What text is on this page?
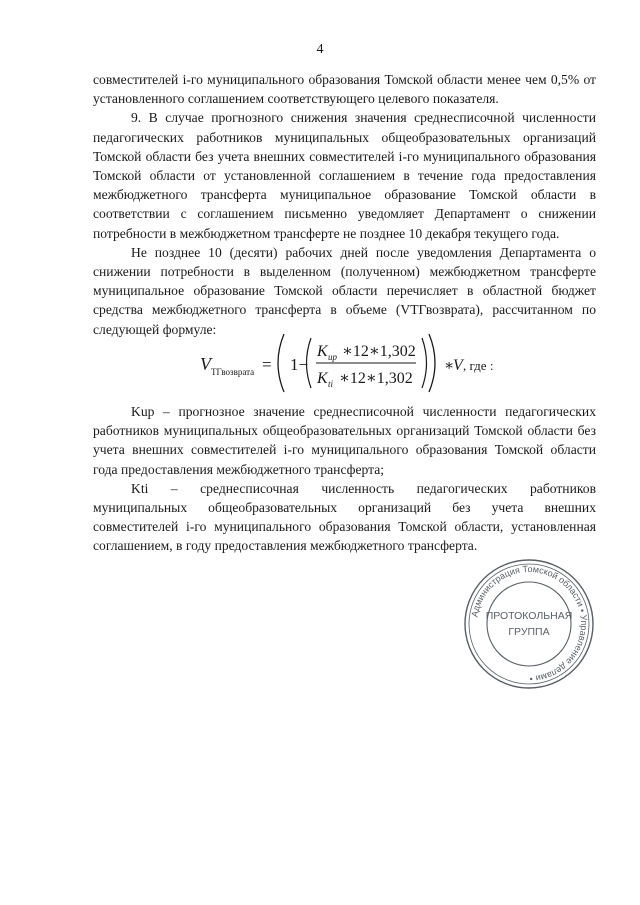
4

совместителей i-го муниципального образования Томской области менее чем 0,5% от установленного соглашением соответствующего целевого показателя.

9. В случае прогнозного снижения значения среднесписочной численности педагогических работников муниципальных общеобразовательных организаций Томской области без учета внешних совместителей i-го муниципального образования Томской области от установленной соглашением в течение года предоставления межбюджетного трансферта муниципальное образование Томской области в соответствии с соглашением письменно уведомляет Департамент о снижении потребности в межбюджетном трансферте не позднее 10 декабря текущего года.

Не позднее 10 (десяти) рабочих дней после уведомления Департамента о снижении потребности в выделенном (полученном) межбюджетном трансферте муниципальное образование Томской области перечисляет в областной бюджет средства межбюджетного трансферта в объеме (VТГвозврата), рассчитанном по следующей формуле:

V ТГвозврата = 1−
K ир ∗12∗1,302
K ti ∗12∗1,302
∗
V , где :

Kup – прогнозное значение среднесписочной численности педагогических работников муниципальных общеобразовательных организаций Томской области без учета внешних совместителей i-го муниципального образования Томской области года предоставления межбюджетного трансферта;

Kti – среднесписочная численность педагогических работников муниципальных общеобразовательных организаций без учета внешних совместителей i-го муниципального образования Томской области, установленная соглашением, в году предоставления межбюджетного трансферта.

Администрация Томской области • Управление делами •
ПРОТОКОЛЬНАЯ
ГРУППА
